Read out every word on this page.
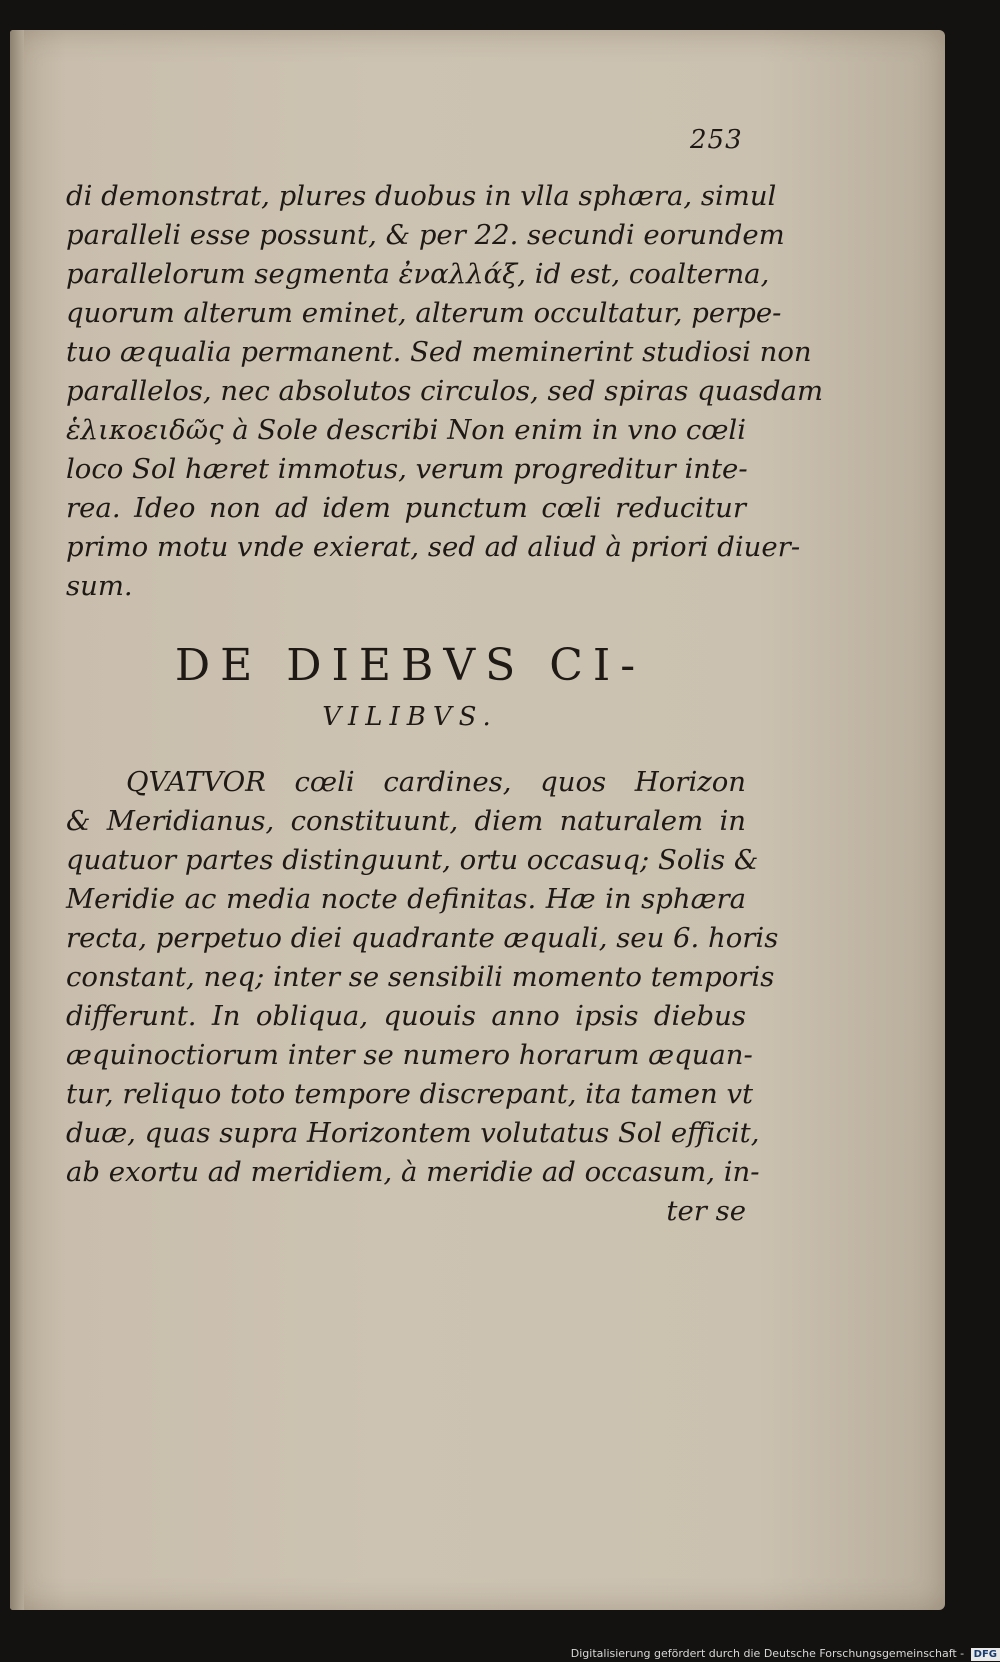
253
di demonstrat, plures duobus in vlla sphæra, simul
paralleli esse possunt, & per 22. secundi eorundem
parallelorum segmenta ἐναλλάξ, id est, coalterna,
quorum alterum eminet, alterum occultatur, perpe-
tuo æqualia permanent. Sed meminerint studiosi non
parallelos, nec absolutos circulos, sed spiras quasdam
ἑλικοειδῶς à Sole describi Non enim in vno cœli
loco Sol hæret immotus, verum progreditur inte-
rea. Ideo non ad idem punctum cœli reducitur
primo motu vnde exierat, sed ad aliud à priori diuer-
sum.
DE DIEBVS CI-
VILIBVS.
QVATVOR cœli cardines, quos Horizon
& Meridianus, constituunt, diem naturalem in
quatuor partes distinguunt, ortu occasuq; Solis &
Meridie ac media nocte definitas. Hæ in sphæra
recta, perpetuo diei quadrante æquali, seu 6. horis
constant, neq; inter se sensibili momento temporis
differunt. In obliqua, quouis anno ipsis diebus
æquinoctiorum inter se numero horarum æquan-
tur, reliquo toto tempore discrepant, ita tamen vt
duæ, quas supra Horizontem volutatus Sol efficit,
ab exortu ad meridiem, à meridie ad occasum, in-
ter se
Digitalisierung gefördert durch die Deutsche Forschungsgemeinschaft - DFG
